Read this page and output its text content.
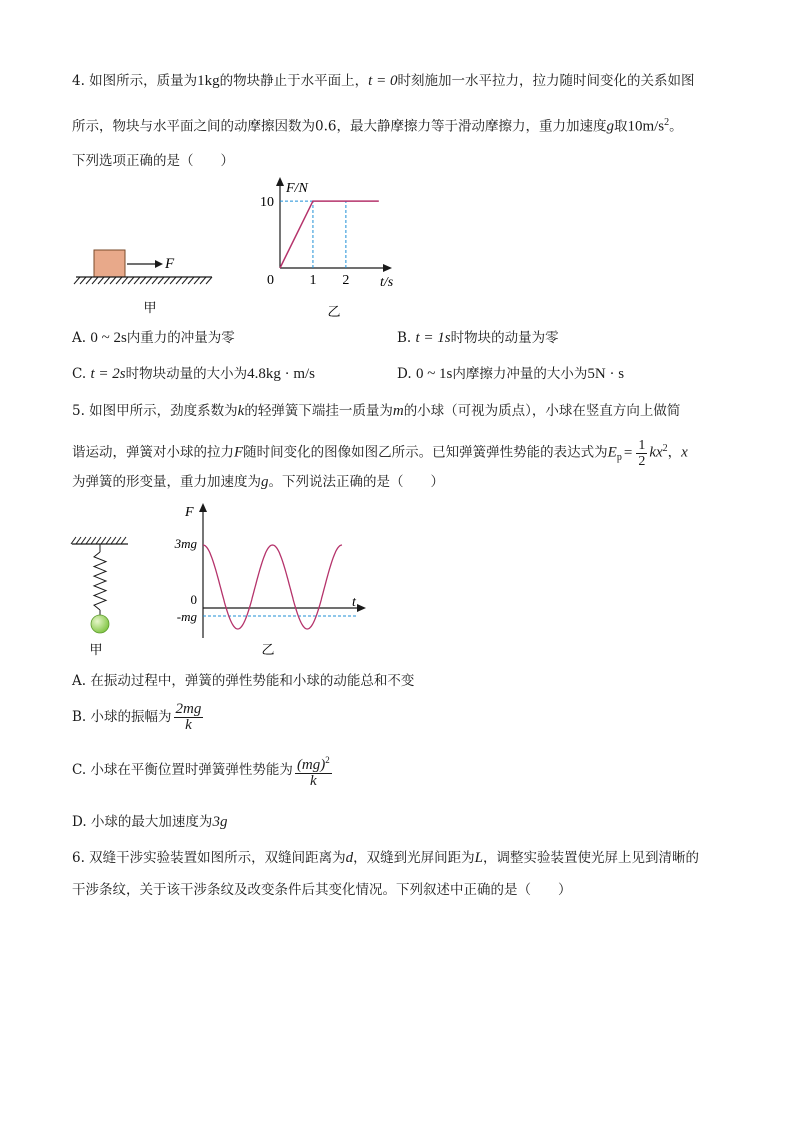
4. 如图所示，质量为1kg的物块静止于水平面上，t = 0时刻施加一水平拉力，拉力随时间变化的关系如图
所示，物块与水平面之间的动摩擦因数为0.6，最大静摩擦力等于滑动摩擦力，重力加速度g取$10m/s^2$。
下列选项正确的是（　　）
F
甲
F/N
t/s
0
10
1 2
乙
A. 0 ~ 2s内重力的冲量为零	B. t = 1s时物块的动量为零
C. t = 2s时物块动量的大小为4.8kg · m/s	D. 0 ~ 1s内摩擦力冲量的大小为5N · s
5. 如图甲所示，劲度系数为k的轻弹簧下端挂一质量为m的小球（可视为质点），小球在竖直方向上做简
谐运动，弹簧对小球的拉力F随时间变化的图像如图乙所示。已知弹簧弹性势能的表达式为$E_p = \frac{1}{2} kx^2$，x
为弹簧的形变量，重力加速度为g。下列说法正确的是（　　）
甲
F
t
3mg
0
-mg
乙
A. 在振动过程中，弹簧的弹性势能和小球的动能总和不变
B. 小球的振幅为 $\frac{2mg}{k}$
C. 小球在平衡位置时弹簧弹性势能为 $\frac{(mg)^2}{k}$
D. 小球的最大加速度为3g
6. 双缝干涉实验装置如图所示，双缝间距离为d，双缝到光屏间距为L，调整实验装置使光屏上见到清晰的
干涉条纹，关于该干涉条纹及改变条件后其变化情况。下列叙述中正确的是（　　）
